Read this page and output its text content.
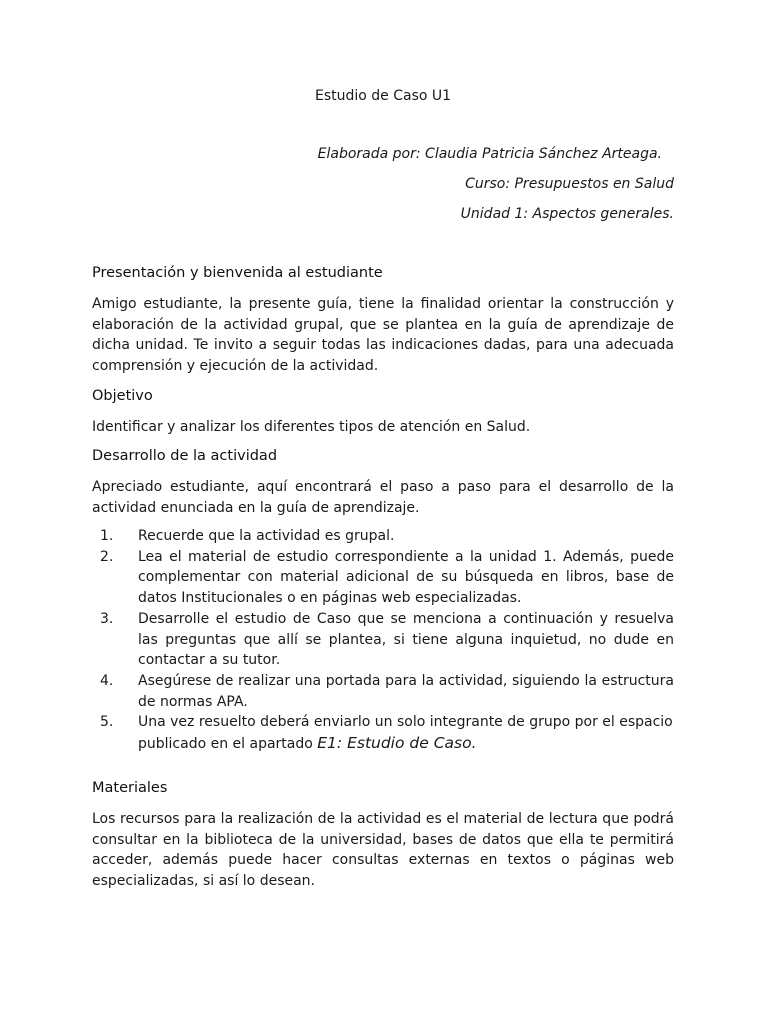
Estudio de Caso U1

Elaborada por: Claudia Patricia Sánchez Arteaga.

Curso: Presupuestos en Salud

Unidad 1: Aspectos generales.

Presentación y bienvenida al estudiante

Amigo estudiante, la presente guía, tiene la finalidad orientar la construcción y elaboración de la actividad grupal, que se plantea en la guía de aprendizaje de dicha unidad. Te invito a seguir todas las indicaciones dadas, para una adecuada comprensión y ejecución de la actividad.

Objetivo

Identificar y analizar los diferentes tipos de atención en Salud.

Desarrollo de la actividad

Apreciado estudiante, aquí encontrará el paso a paso para el desarrollo de la actividad enunciada en la guía de aprendizaje.

1. Recuerde que la actividad es grupal.
2. Lea el material de estudio correspondiente a la unidad 1. Además, puede complementar con material adicional de su búsqueda en libros, base de datos Institucionales o en páginas web especializadas.
3. Desarrolle el estudio de Caso que se menciona a continuación y resuelva las preguntas que allí se plantea, si tiene alguna inquietud, no dude en contactar a su tutor.
4. Asegúrese de realizar una portada para la actividad, siguiendo la estructura de normas APA.
5. Una vez resuelto deberá enviarlo un solo integrante de grupo por el espacio publicado en el apartado E1: Estudio de Caso.
Materiales

Los recursos para la realización de la actividad es el material de lectura que podrá consultar en la biblioteca de la universidad, bases de datos que ella te permitirá acceder, además puede hacer consultas externas en textos o páginas web especializadas, si así lo desean.
